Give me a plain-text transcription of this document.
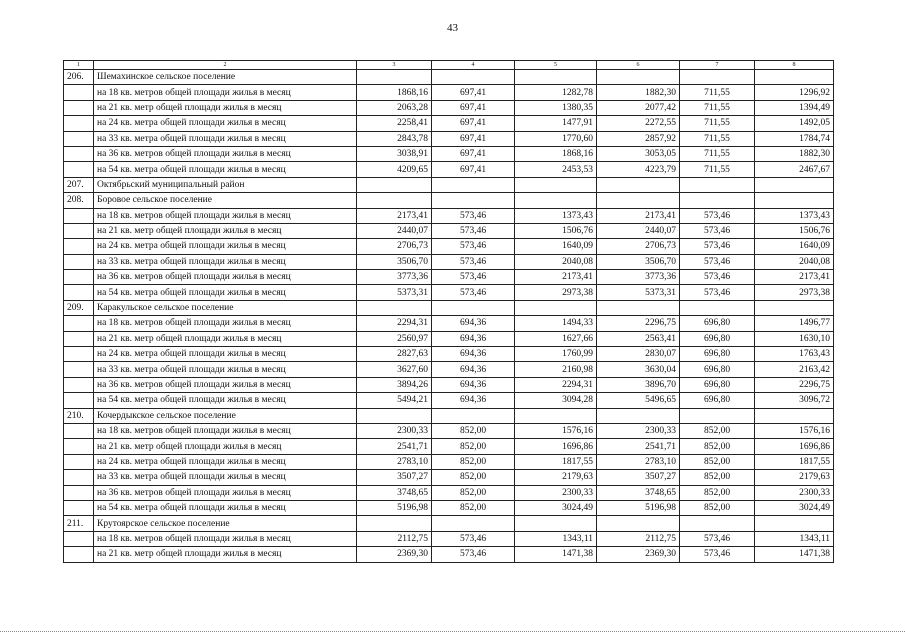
43
1	2	3	4	5	6	7	8
206.	Шемахинское сельское поселение						
	на 18 кв. метров общей площади жилья в месяц	1868,16	697,41	1282,78	1882,30	711,55	1296,92
	на 21 кв. метр общей площади жилья в месяц	2063,28	697,41	1380,35	2077,42	711,55	1394,49
	на 24 кв. метра общей площади жилья в месяц	2258,41	697,41	1477,91	2272,55	711,55	1492,05
	на 33 кв. метра общей площади жилья в месяц	2843,78	697,41	1770,60	2857,92	711,55	1784,74
	на 36 кв. метров общей площади жилья в месяц	3038,91	697,41	1868,16	3053,05	711,55	1882,30
	на 54 кв. метра общей площади жилья в месяц	4209,65	697,41	2453,53	4223,79	711,55	2467,67
207.	Октябрьский муниципальный район						
208.	Боровое сельское поселение						
	на 18 кв. метров общей площади жилья в месяц	2173,41	573,46	1373,43	2173,41	573,46	1373,43
	на 21 кв. метр общей площади жилья в месяц	2440,07	573,46	1506,76	2440,07	573,46	1506,76
	на 24 кв. метра общей площади жилья в месяц	2706,73	573,46	1640,09	2706,73	573,46	1640,09
	на 33 кв. метра общей площади жилья в месяц	3506,70	573,46	2040,08	3506,70	573,46	2040,08
	на 36 кв. метров общей площади жилья в месяц	3773,36	573,46	2173,41	3773,36	573,46	2173,41
	на 54 кв. метра общей площади жилья в месяц	5373,31	573,46	2973,38	5373,31	573,46	2973,38
209.	Каракульское сельское поселение						
	на 18 кв. метров общей площади жилья в месяц	2294,31	694,36	1494,33	2296,75	696,80	1496,77
	на 21 кв. метр общей площади жилья в месяц	2560,97	694,36	1627,66	2563,41	696,80	1630,10
	на 24 кв. метра общей площади жилья в месяц	2827,63	694,36	1760,99	2830,07	696,80	1763,43
	на 33 кв. метра общей площади жилья в месяц	3627,60	694,36	2160,98	3630,04	696,80	2163,42
	на 36 кв. метров общей площади жилья в месяц	3894,26	694,36	2294,31	3896,70	696,80	2296,75
	на 54 кв. метра общей площади жилья в месяц	5494,21	694,36	3094,28	5496,65	696,80	3096,72
210.	Кочердыкское сельское поселение						
	на 18 кв. метров общей площади жилья в месяц	2300,33	852,00	1576,16	2300,33	852,00	1576,16
	на 21 кв. метр общей площади жилья в месяц	2541,71	852,00	1696,86	2541,71	852,00	1696,86
	на 24 кв. метра общей площади жилья в месяц	2783,10	852,00	1817,55	2783,10	852,00	1817,55
	на 33 кв. метра общей площади жилья в месяц	3507,27	852,00	2179,63	3507,27	852,00	2179,63
	на 36 кв. метров общей площади жилья в месяц	3748,65	852,00	2300,33	3748,65	852,00	2300,33
	на 54 кв. метра общей площади жилья в месяц	5196,98	852,00	3024,49	5196,98	852,00	3024,49
211.	Крутоярское сельское поселение						
	на 18 кв. метров общей площади жилья в месяц	2112,75	573,46	1343,11	2112,75	573,46	1343,11
	на 21 кв. метр общей площади жилья в месяц	2369,30	573,46	1471,38	2369,30	573,46	1471,38
